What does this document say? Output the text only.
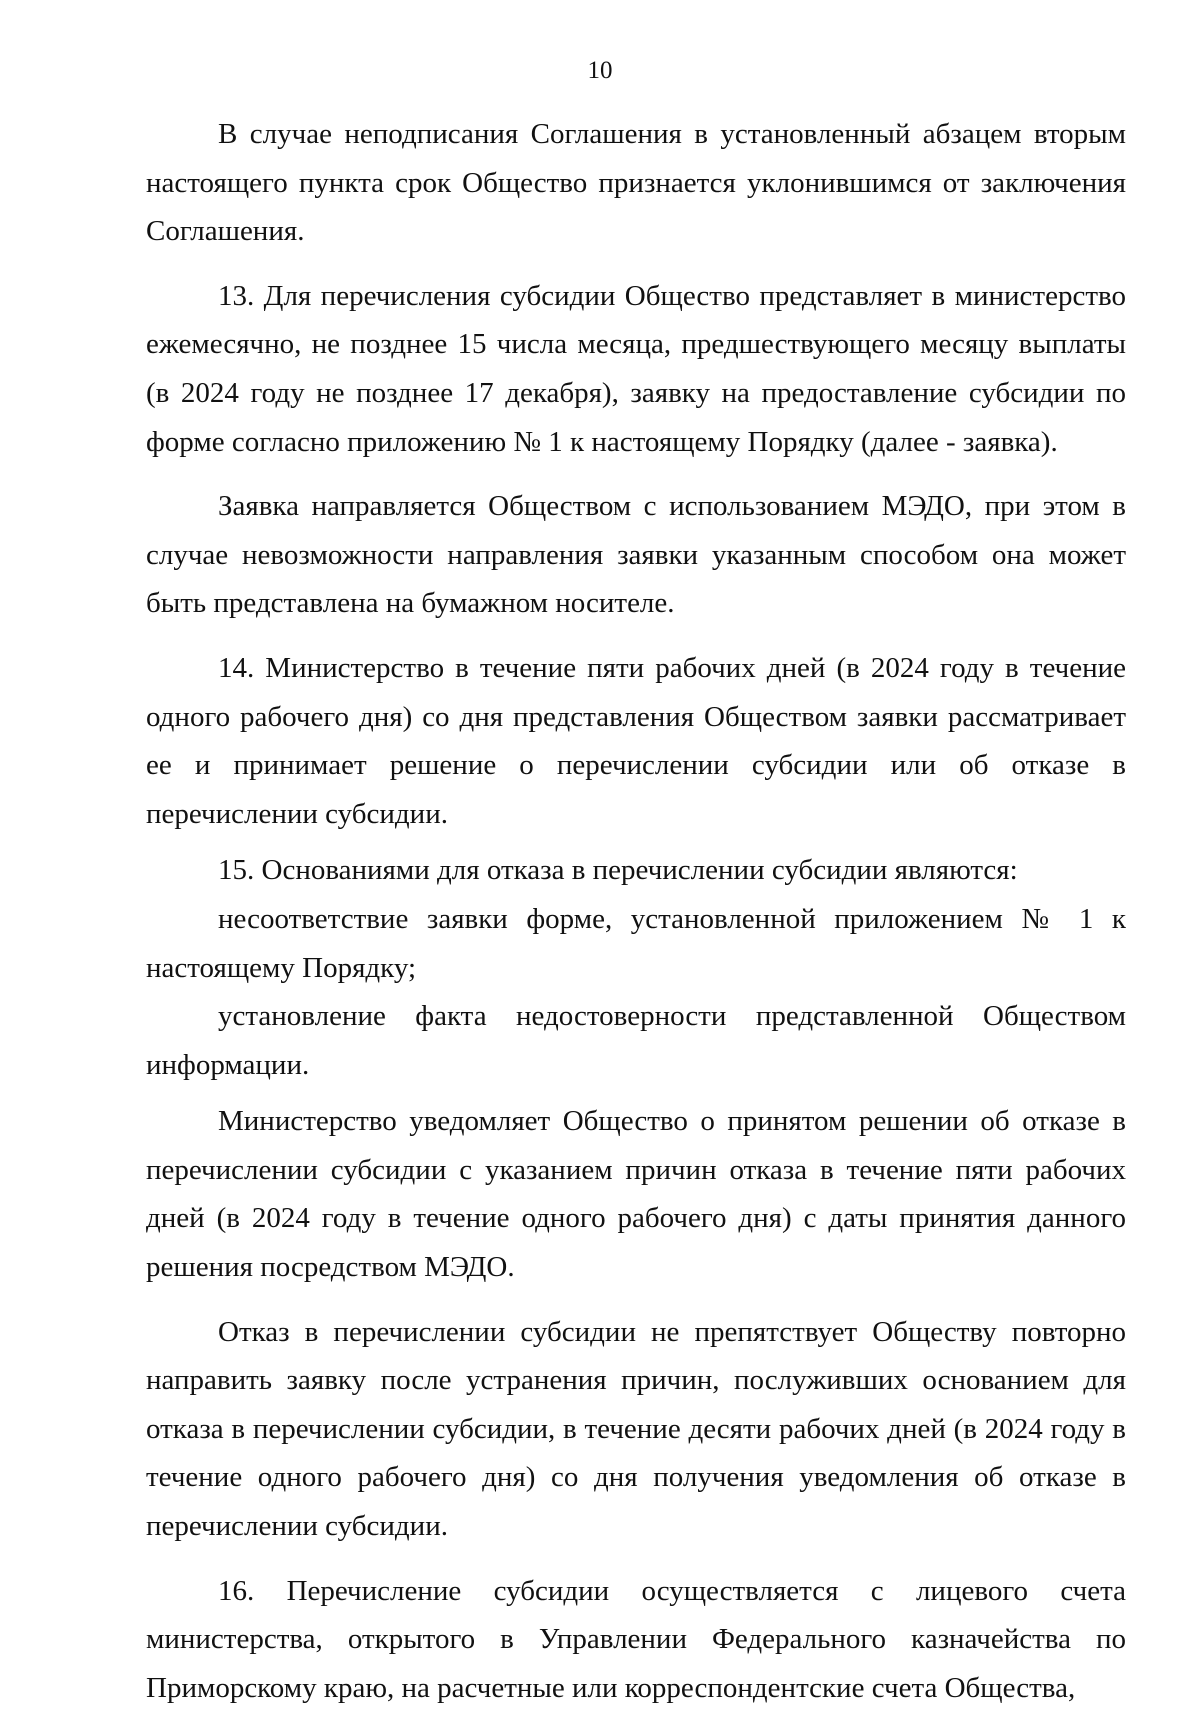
10

В случае неподписания Соглашения в установленный абзацем вторым настоящего пункта срок Общество признается уклонившимся от заключения Соглашения.

13. Для перечисления субсидии Общество представляет в министерство ежемесячно, не позднее 15 числа месяца, предшествующего месяцу выплаты (в 2024 году не позднее 17 декабря), заявку на предоставление субсидии по форме согласно приложению № 1 к настоящему Порядку (далее - заявка).

Заявка направляется Обществом с использованием МЭДО, при этом в случае невозможности направления заявки указанным способом она может быть представлена на бумажном носителе.

14. Министерство в течение пяти рабочих дней (в 2024 году в течение одного рабочего дня) со дня представления Обществом заявки рассматривает ее и принимает решение о перечислении субсидии или об отказе в перечислении субсидии.

15. Основаниями для отказа в перечислении субсидии являются:

несоответствие заявки форме, установленной приложением № 1 к настоящему Порядку;

установление факта недостоверности представленной Обществом информации.

Министерство уведомляет Общество о принятом решении об отказе в перечислении субсидии с указанием причин отказа в течение пяти рабочих дней (в 2024 году в течение одного рабочего дня) с даты принятия данного решения посредством МЭДО.

Отказ в перечислении субсидии не препятствует Обществу повторно направить заявку после устранения причин, послуживших основанием для отказа в перечислении субсидии, в течение десяти рабочих дней (в 2024 году в течение одного рабочего дня) со дня получения уведомления об отказе в перечислении субсидии.

16. Перечисление субсидии осуществляется с лицевого счета министерства, открытого в Управлении Федерального казначейства по Приморскому краю, на расчетные или корреспондентские счета Общества,
